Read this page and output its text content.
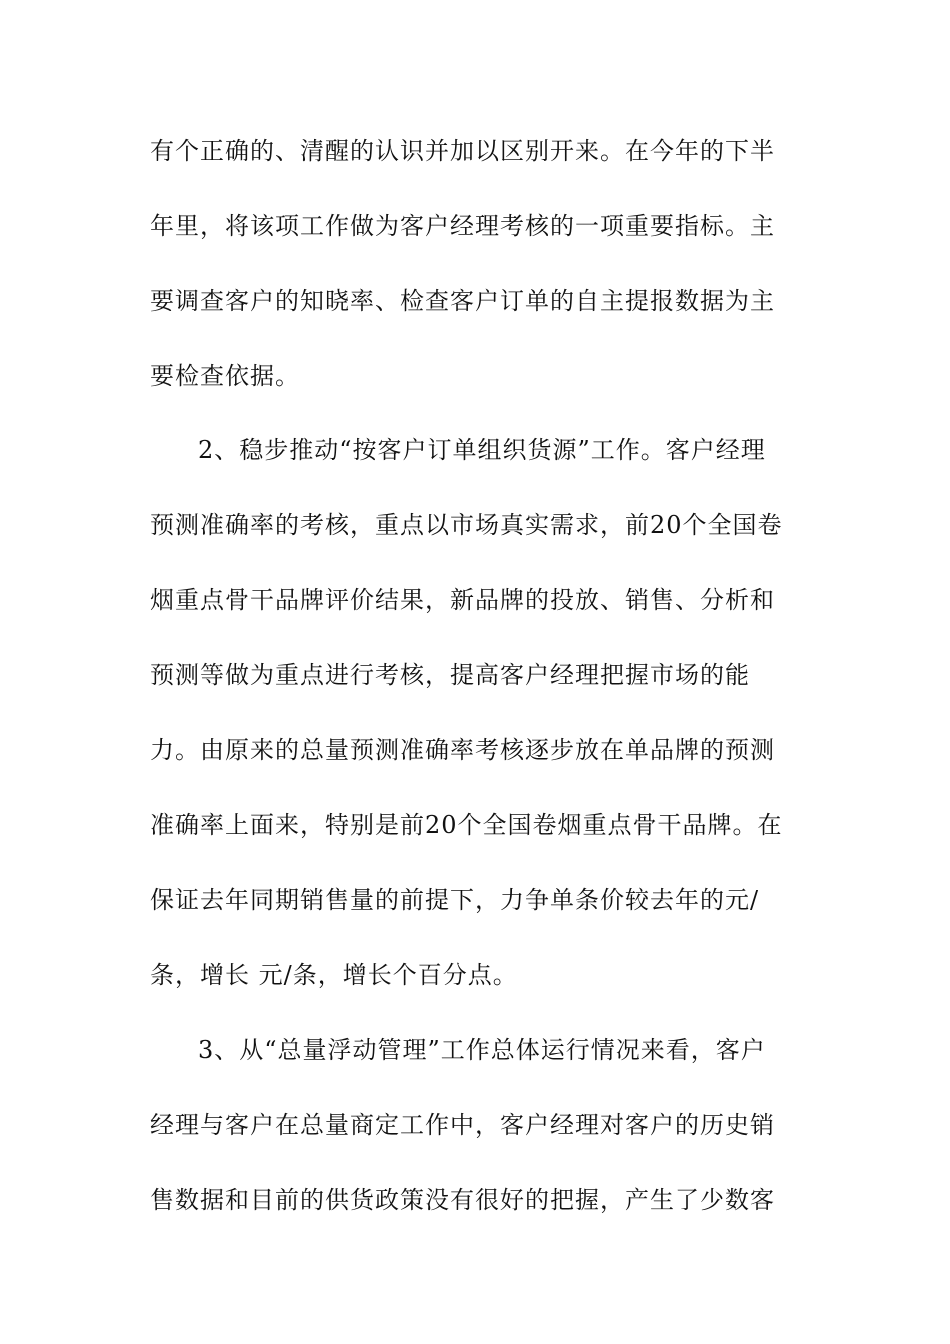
有个正确的、清醒的认识并加以区别开来。在今年的下半
年里，将该项工作做为客户经理考核的一项重要指标。主
要调查客户的知晓率、检查客户订单的自主提报数据为主
要检查依据。
2、稳步推动“按客户订单组织货源”工作。客户经理
预测准确率的考核，重点以市场真实需求，前20个全国卷
烟重点骨干品牌评价结果，新品牌的投放、销售、分析和
预测等做为重点进行考核，提高客户经理把握市场的能
力。由原来的总量预测准确率考核逐步放在单品牌的预测
准确率上面来，特别是前20个全国卷烟重点骨干品牌。在
保证去年同期销售量的前提下，力争单条价较去年的元/
条，增长 元/条，增长个百分点。
3、从“总量浮动管理”工作总体运行情况来看，客户
经理与客户在总量商定工作中，客户经理对客户的历史销
售数据和目前的供货政策没有很好的把握，产生了少数客
